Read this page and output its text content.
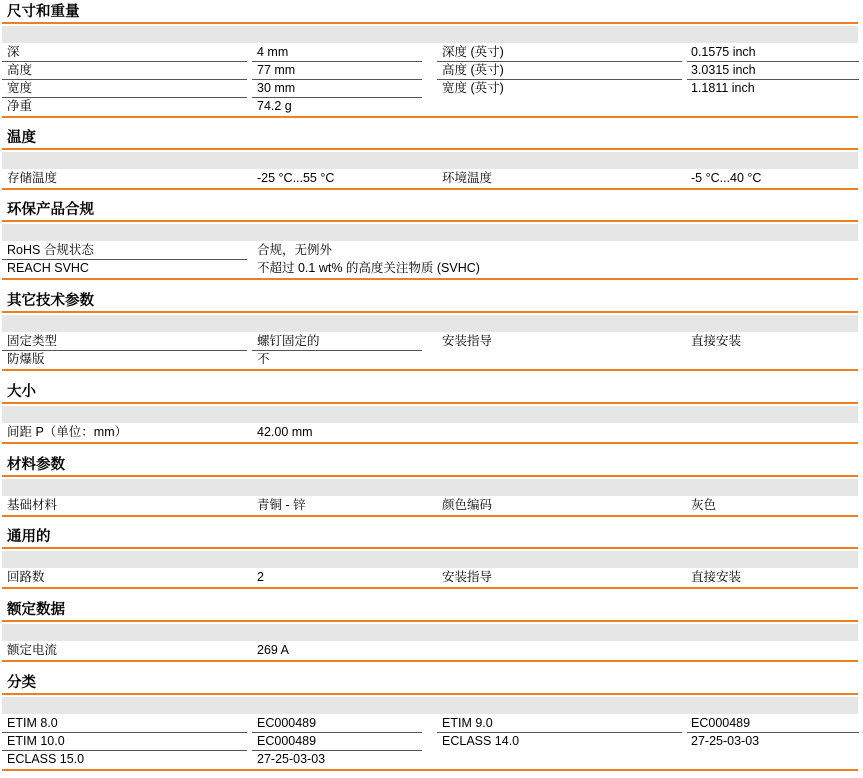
尺寸和重量
深	4 mm	深度 (英寸)	0.1575 inch
高度	77 mm	高度 (英寸)	3.0315 inch
宽度	30 mm	宽度 (英寸)	1.1811 inch
净重	74.2 g
温度
存储温度	-25 °C...55 °C	环境温度	-5 °C...40 °C
环保产品合规
RoHS 合规状态	合规，无例外
REACH SVHC	不超过 0.1 wt% 的高度关注物质 (SVHC)
其它技术参数
固定类型	螺钉固定的	安装指导	直接安装
防爆版	不
大小
间距 P（单位：mm）	42.00 mm
材料参数
基础材料	青铜 - 锌	颜色编码	灰色
通用的
回路数	2	安装指导	直接安装
额定数据
额定电流	269 A
分类
ETIM 8.0	EC000489	ETIM 9.0	EC000489
ETIM 10.0	EC000489	ECLASS 14.0	27-25-03-03
ECLASS 15.0	27-25-03-03
